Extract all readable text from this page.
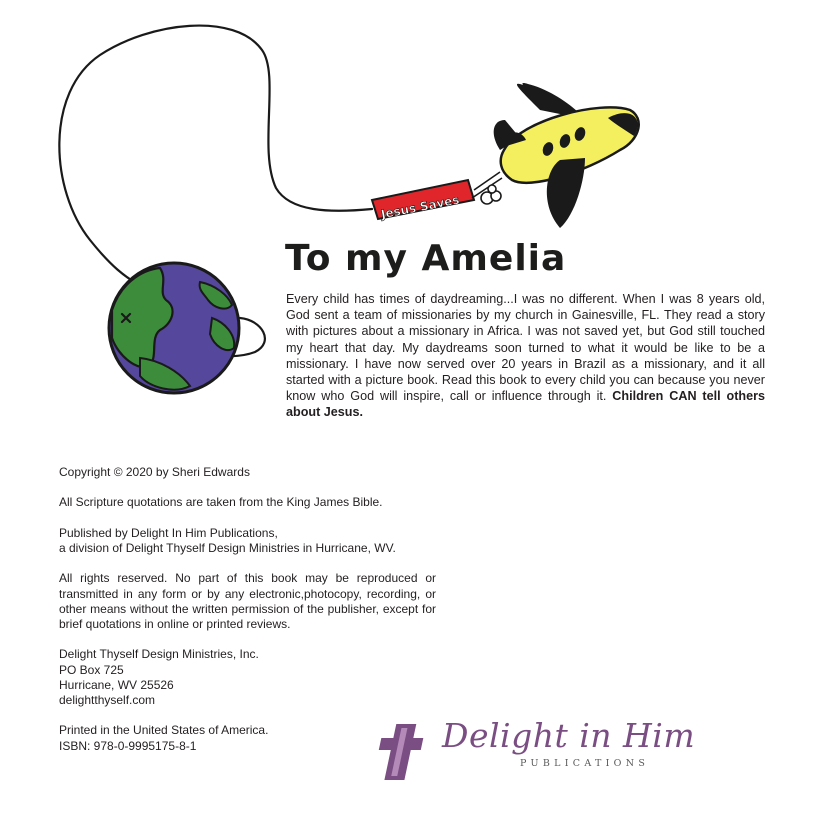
Jesus Saves
To my Amelia

Every child has times of daydreaming...I was no different. When I was 8 years old, God sent a team of missionaries by my church in Gainesville, FL. They read a story with pictures about a missionary in Africa. I was not saved yet, but God still touched my heart that day. My daydreams soon turned to what it would be like to be a missionary. I have now served over 20 years in Brazil as a missionary, and it all started with a picture book. Read this book to every child you can because you never know who God will inspire, call or influence through it. Children CAN tell others about Jesus.

Copyright © 2020 by Sheri Edwards

All Scripture quotations are taken from the King James Bible.

Published by Delight In Him Publications,
a division of Delight Thyself Design Ministries in Hurricane, WV.

All rights reserved. No part of this book may be reproduced or transmitted in any form or by any electronic,photocopy, recording, or other means without the written permission of the publisher, except for brief quotations in online or printed reviews.

Delight Thyself Design Ministries, Inc.
PO Box 725
Hurricane, WV 25526
delightthyself.com

Printed in the United States of America.
ISBN: 978-0-9995175-8-1	Delight in Him
PUBLICATIONS
